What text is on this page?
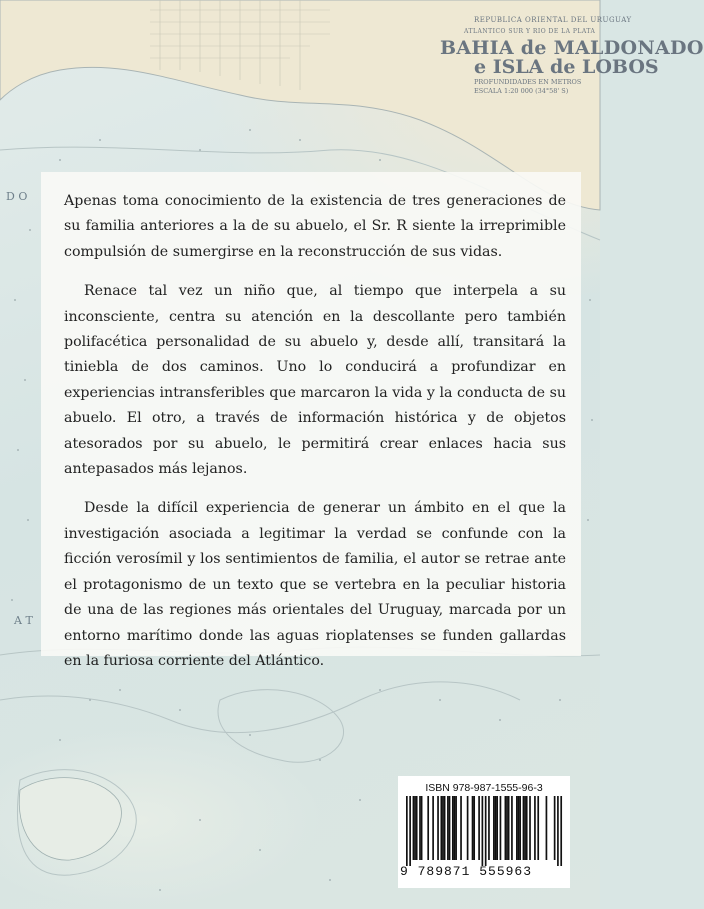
REPUBLICA ORIENTAL DEL URUGUAY
ATLANTICO SUR Y RIO DE LA PLATA
BAHIA de MALDONADO
e ISLA de LOBOS
PROFUNDIDADES EN METROS
ESCALA 1:20 000 (34°58' S)
D O
A T

Apenas toma conocimiento de la existencia de tres generaciones de su familia anteriores a la de su abuelo, el Sr. R siente la irreprimible compulsión de sumergirse en la reconstrucción de sus vidas.

Renace tal vez un niño que, al tiempo que interpela a su inconsciente, centra su atención en la descollante pero también polifacética personalidad de su abuelo y, desde allí, transitará la tiniebla de dos caminos. Uno lo conducirá a profundizar en experiencias intransferibles que marcaron la vida y la conducta de su abuelo. El otro, a través de información histórica y de objetos atesorados por su abuelo, le permitirá crear enlaces hacia sus antepasados más lejanos.

Desde la difícil experiencia de generar un ámbito en el que la investigación asociada a legitimar la verdad se confunde con la ficción verosímil y los sentimientos de familia, el autor se retrae ante el protagonismo de un texto que se vertebra en la peculiar historia de una de las regiones más orientales del Uruguay, marcada por un entorno marítimo donde las aguas rioplatenses se funden gallardas en la furiosa corriente del Atlántico.

ISBN 978-987-1555-96-3
9 789871 555963
